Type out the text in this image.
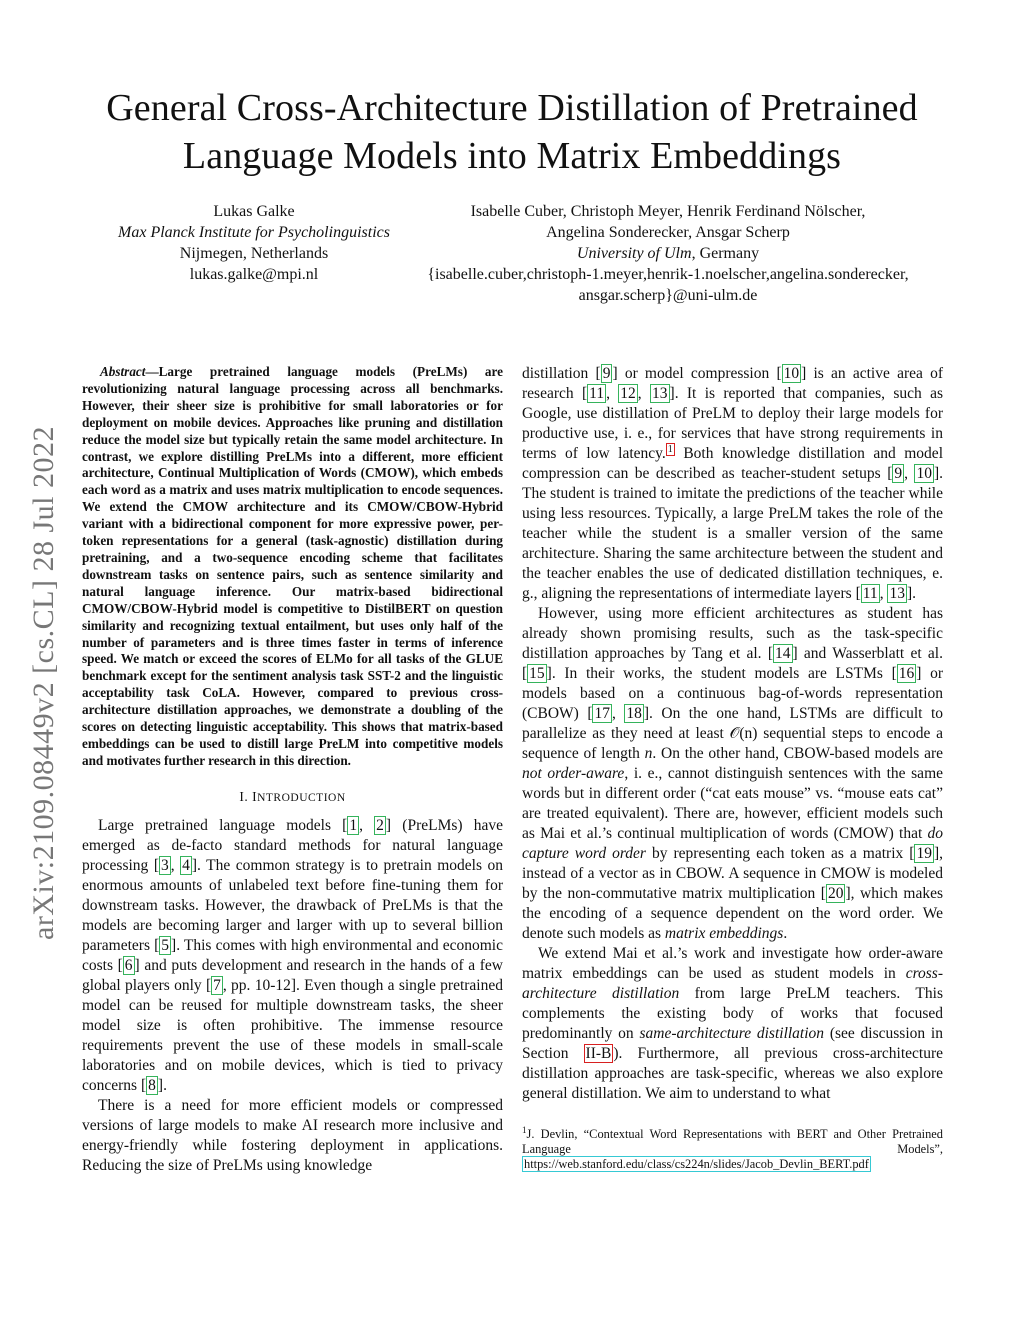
General Cross-Architecture Distillation of Pretrained Language Models into Matrix Embeddings
Lukas Galke
Max Planck Institute for Psycholinguistics
Nijmegen, Netherlands
lukas.galke@mpi.nl
Isabelle Cuber, Christoph Meyer, Henrik Ferdinand Nölscher,
Angelina Sonderecker, Ansgar Scherp
University of Ulm, Germany
{isabelle.cuber,christoph-1.meyer,henrik-1.noelscher,angelina.sonderecker,
ansgar.scherp}@uni-ulm.de
arXiv:2109.08449v2 [cs.CL] 28 Jul 2022

Abstract—Large pretrained language models (PreLMs) are revolutionizing natural language processing across all benchmarks. However, their sheer size is prohibitive for small laboratories or for deployment on mobile devices. Approaches like pruning and distillation reduce the model size but typically retain the same model architecture. In contrast, we explore distilling PreLMs into a different, more efficient architecture, Continual Multiplication of Words (CMOW), which embeds each word as a matrix and uses matrix multiplication to encode sequences. We extend the CMOW architecture and its CMOW/CBOW-Hybrid variant with a bidirectional component for more expressive power, per-token representations for a general (task-agnostic) distillation during pretraining, and a two-sequence encoding scheme that facilitates downstream tasks on sentence pairs, such as sentence similarity and natural language inference. Our matrix-based bidirectional CMOW/CBOW-Hybrid model is competitive to DistilBERT on question similarity and recognizing textual entailment, but uses only half of the number of parameters and is three times faster in terms of inference speed. We match or exceed the scores of ELMo for all tasks of the GLUE benchmark except for the sentiment analysis task SST-2 and the linguistic acceptability task CoLA. However, compared to previous cross-architecture distillation approaches, we demonstrate a doubling of the scores on detecting linguistic acceptability. This shows that matrix-based embeddings can be used to distill large PreLM into competitive models and motivates further research in this direction.

I. INTRODUCTION

Large pretrained language models [ 1 , 2 ] (PreLMs) have emerged as de-facto standard methods for natural language processing [ 3 , 4 ]. The common strategy is to pretrain models on enormous amounts of unlabeled text before fine-tuning them for downstream tasks. However, the drawback of PreLMs is that the models are becoming larger and larger with up to several billion parameters [ 5 ]. This comes with high environmental and economic costs [ 6 ] and puts development and research in the hands of a few global players only [ 7 , pp. 10-12]. Even though a single pretrained model can be reused for multiple downstream tasks, the sheer model size is often prohibitive. The immense resource requirements prevent the use of these models in small-scale laboratories and on mobile devices, which is tied to privacy concerns [ 8 ].

There is a need for more efficient models or compressed versions of large models to make AI research more inclusive and energy-friendly while fostering deployment in applications. Reducing the size of PreLMs using knowledge

distillation [ 9 ] or model compression [ 10 ] is an active area of research [ 11 , 12 , 13 ]. It is reported that companies, such as Google, use distillation of PreLM to deploy their large models for productive use, i. e., for services that have strong requirements in terms of low latency. $^1$ Both knowledge distillation and model compression can be described as teacher-student setups [ 9 , 10 ]. The student is trained to imitate the predictions of the teacher while using less resources. Typically, a large PreLM takes the role of the teacher while the student is a smaller version of the same architecture. Sharing the same architecture between the student and the teacher enables the use of dedicated distillation techniques, e. g., aligning the representations of intermediate layers [ 11 , 13 ].

However, using more efficient architectures as student has already shown promising results, such as the task-specific distillation approaches by Tang et al. [ 14 ] and Wasserblatt et al. [ 15 ]. In their works, the student models are LSTMs [ 16 ] or models based on a continuous bag-of-words representation (CBOW) [ 17 , 18 ]. On the one hand, LSTMs are difficult to parallelize as they need at least 𝒪(n) sequential steps to encode a sequence of length n. On the other hand, CBOW-based models are not order-aware, i. e., cannot distinguish sentences with the same words but in different order (“cat eats mouse” vs. “mouse eats cat” are treated equivalent). There are, however, efficient models such as Mai et al.’s continual multiplication of words (CMOW) that do capture word order by representing each token as a matrix [ 19 ], instead of a vector as in CBOW. A sequence in CMOW is modeled by the non-commutative matrix multiplication [ 20 ], which makes the encoding of a sequence dependent on the word order. We denote such models as matrix embeddings.

We extend Mai et al.’s work and investigate how order-aware matrix embeddings can be used as student models in cross-architecture distillation from large PreLM teachers. This complements the existing body of works that focused predominantly on same-architecture distillation (see discussion in Section II-B ). Furthermore, all previous cross-architecture distillation approaches are task-specific, whereas we also explore general distillation. We aim to understand to what

$^1$J. Devlin, “Contextual Word Representations with BERT and Other Pretrained Language Models”, https://web.stanford.edu/class/cs224n/slides/Jacob_Devlin_BERT.pdf
